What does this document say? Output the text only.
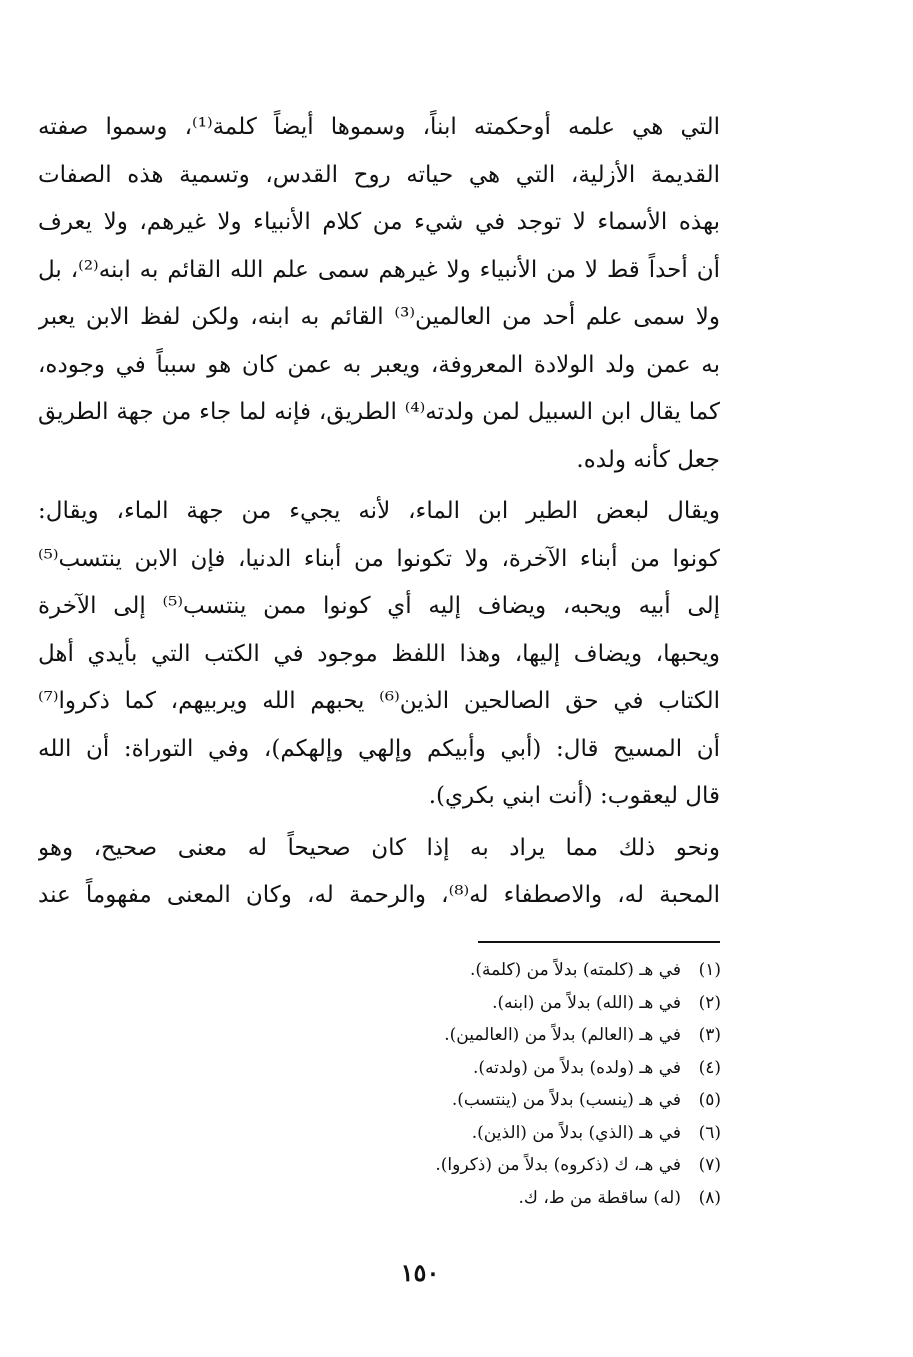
التي هي علمه أوحكمته ابناً، وسموها أيضاً كلمة⁽¹⁾، وسموا صفته
القديمة الأزلية، التي هي حياته روح القدس، وتسمية هذه الصفات
بهذه الأسماء لا توجد في شيء من كلام الأنبياء ولا غيرهم، ولا يعرف
أن أحداً قط لا من الأنبياء ولا غيرهم سمى علم الله القائم به ابنه⁽²⁾، بل
ولا سمى علم أحد من العالمين⁽³⁾ القائم به ابنه، ولكن لفظ الابن يعبر
به عمن ولد الولادة المعروفة، ويعبر به عمن كان هو سبباً في وجوده،
كما يقال ابن السبيل لمن ولدته⁽⁴⁾ الطريق، فإنه لما جاء من جهة الطريق
جعل كأنه ولده.
ويقال لبعض الطير ابن الماء، لأنه يجيء من جهة الماء، ويقال:
كونوا من أبناء الآخرة، ولا تكونوا من أبناء الدنيا، فإن الابن ينتسب⁽⁵⁾
إلى أبيه ويحبه، ويضاف إليه أي كونوا ممن ينتسب⁽⁵⁾ إلى الآخرة
ويحبها، ويضاف إليها، وهذا اللفظ موجود في الكتب التي بأيدي أهل
الكتاب في حق الصالحين الذين⁽⁶⁾ يحبهم الله ويربيهم، كما ذكروا⁽⁷⁾
أن المسيح قال: (أبي وأبيكم وإلهي وإلهكم)، وفي التوراة: أن الله
قال ليعقوب: (أنت ابني بكري).
ونحو ذلك مما يراد به إذا كان صحيحاً له معنى صحيح، وهو
المحبة له، والاصطفاء له⁽⁸⁾، والرحمة له، وكان المعنى مفهوماً عند
(١)في هـ (كلمته) بدلاً من (كلمة).
(٢)في هـ (الله) بدلاً من (ابنه).
(٣)في هـ (العالم) بدلاً من (العالمين).
(٤)في هـ (ولده) بدلاً من (ولدته).
(٥)في هـ (ينسب) بدلاً من (ينتسب).
(٦)في هـ (الذي) بدلاً من (الذين).
(٧)في هـ، ك (ذكروه) بدلاً من (ذكروا).
(٨)(له) ساقطة من ط، ك.
١٥٠
